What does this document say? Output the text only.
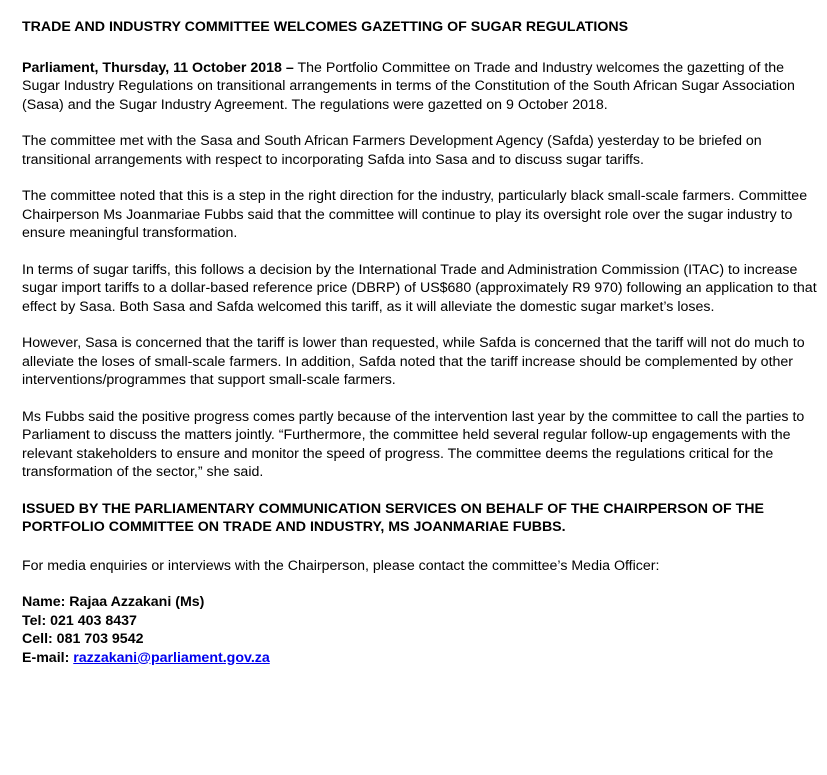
TRADE AND INDUSTRY COMMITTEE WELCOMES GAZETTING OF SUGAR REGULATIONS

Parliament, Thursday, 11 October 2018 – The Portfolio Committee on Trade and Industry welcomes the gazetting of the Sugar Industry Regulations on transitional arrangements in terms of the Constitution of the South African Sugar Association (Sasa) and the Sugar Industry Agreement. The regulations were gazetted on 9 October 2018.

The committee met with the Sasa and South African Farmers Development Agency (Safda) yesterday to be briefed on transitional arrangements with respect to incorporating Safda into Sasa and to discuss sugar tariffs.

The committee noted that this is a step in the right direction for the industry, particularly black small-scale farmers. Committee Chairperson Ms Joanmariae Fubbs said that the committee will continue to play its oversight role over the sugar industry to ensure meaningful transformation.

In terms of sugar tariffs, this follows a decision by the International Trade and Administration Commission (ITAC) to increase sugar import tariffs to a dollar-based reference price (DBRP) of US$680 (approximately R9 970) following an application to that effect by Sasa. Both Sasa and Safda welcomed this tariff, as it will alleviate the domestic sugar market’s loses.

However, Sasa is concerned that the tariff is lower than requested, while Safda is concerned that the tariff will not do much to alleviate the loses of small-scale farmers. In addition, Safda noted that the tariff increase should be complemented by other interventions/programmes that support small-scale farmers.

Ms Fubbs said the positive progress comes partly because of the intervention last year by the committee to call the parties to Parliament to discuss the matters jointly. “Furthermore, the committee held several regular follow-up engagements with the relevant stakeholders to ensure and monitor the speed of progress. The committee deems the regulations critical for the transformation of the sector,” she said.

ISSUED BY THE PARLIAMENTARY COMMUNICATION SERVICES ON BEHALF OF THE CHAIRPERSON OF THE PORTFOLIO COMMITTEE ON TRADE AND INDUSTRY, MS JOANMARIAE FUBBS.

For media enquiries or interviews with the Chairperson, please contact the committee’s Media Officer:

Name: Rajaa Azzakani (Ms)

Tel: 021 403 8437

Cell: 081 703 9542

E-mail: razzakani@parliament.gov.za
